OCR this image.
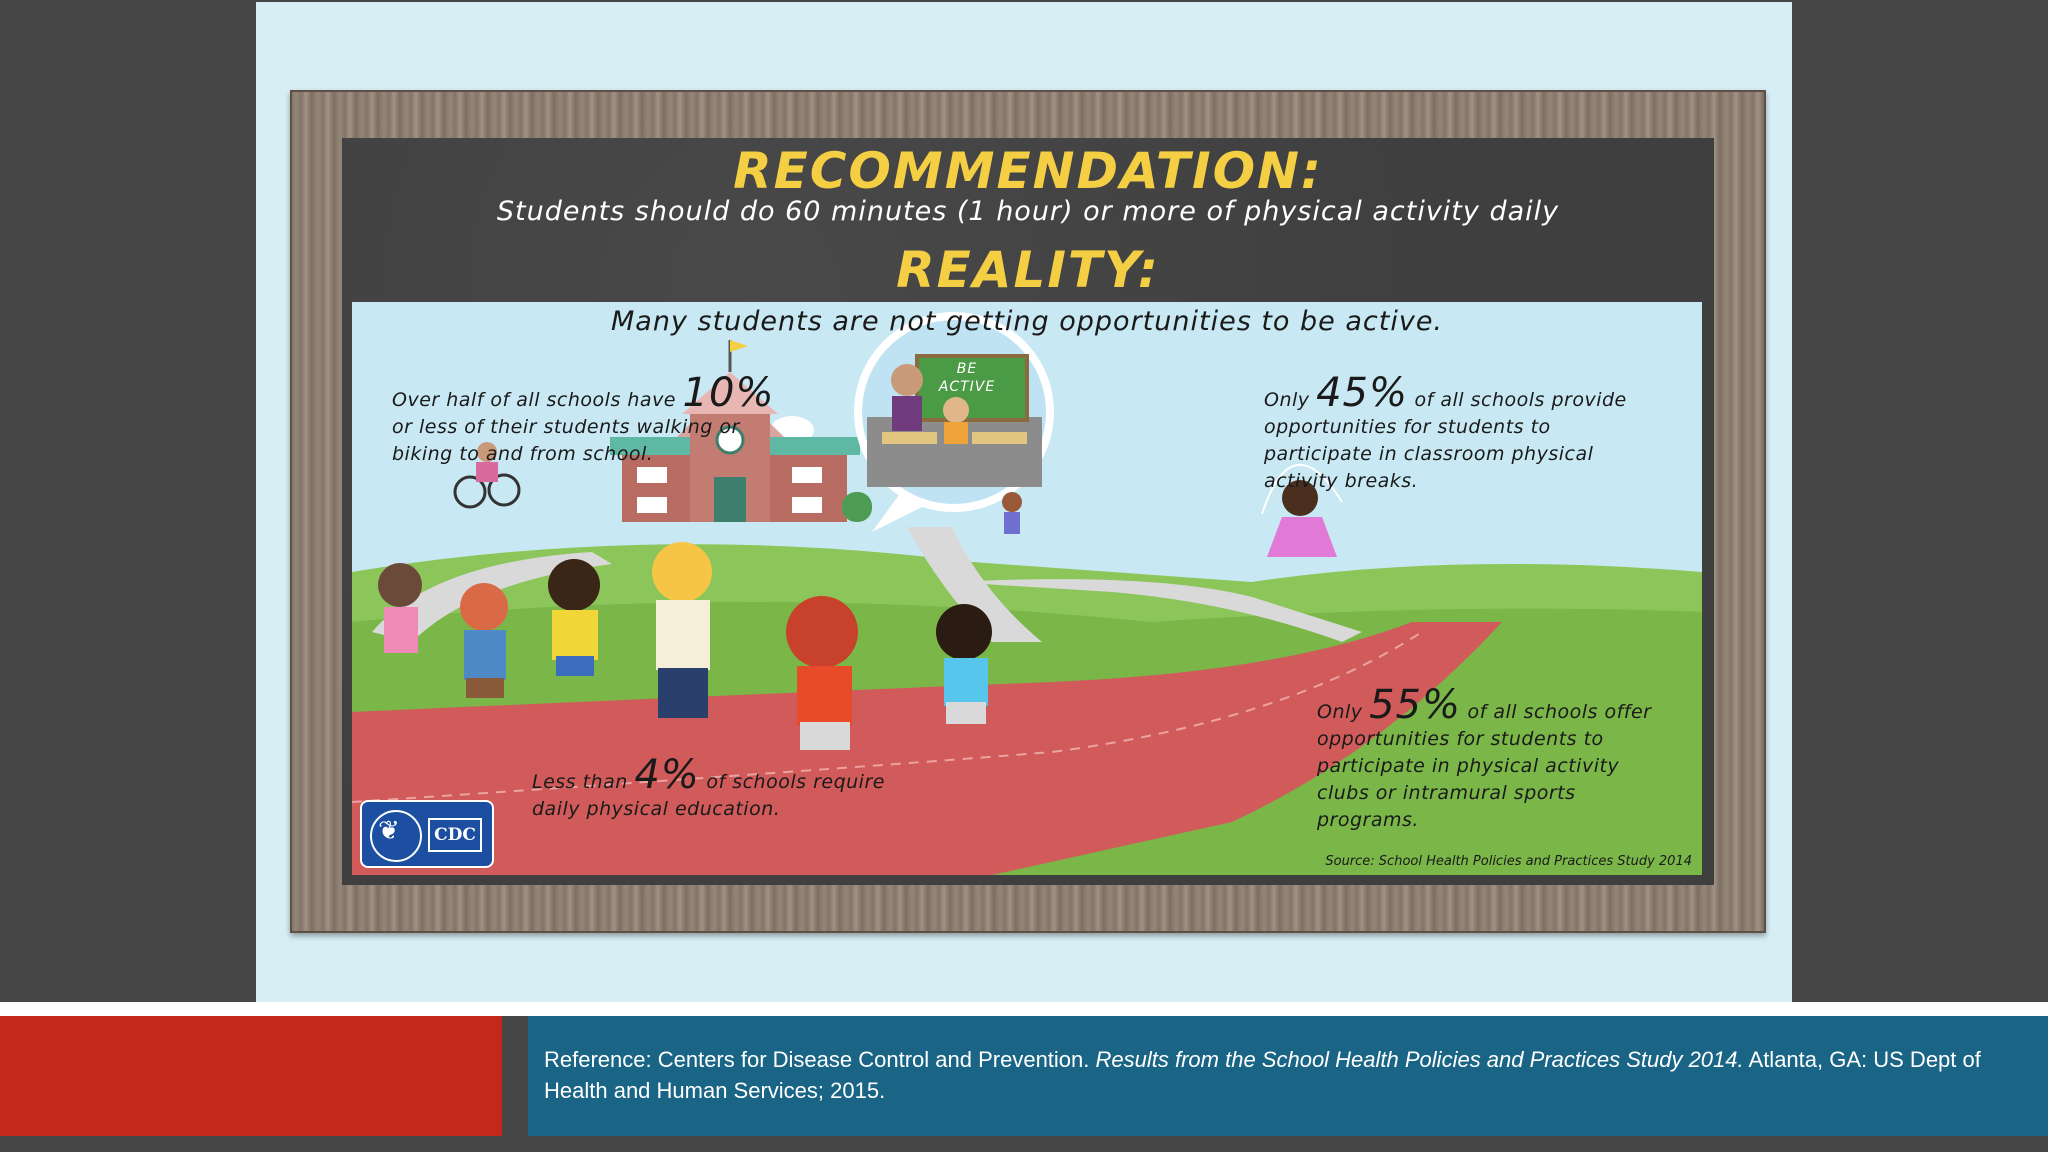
RECOMMENDATION:
Students should do 60 minutes (1 hour) or more of physical activity daily
REALITY:
Many students are not getting opportunities to be active.
BE
ACTIVE
Over half of all schools have 10% or less of their students walking or biking to and from school.
Only 45% of all schools provide opportunities for students to participate in classroom physical activity breaks.
Only 55% of all schools offer opportunities for students to participate in physical activity clubs or intramural sports programs.
Less than 4% of schools require daily physical education.
❦	CDC
Source: School Health Policies and Practices Study 2014
Reference: Centers for Disease Control and Prevention. Results from the School Health Policies and Practices Study 2014. Atlanta, GA: US Dept of Health and Human Services; 2015.
